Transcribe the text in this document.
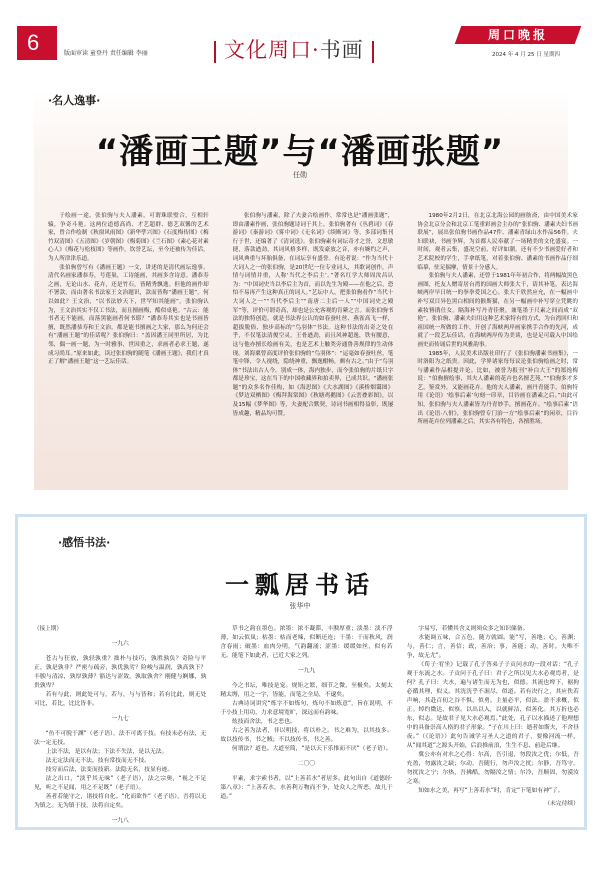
6	版面审读 童登丹 责任编辑 李丽	文化周口·书画
周口晚报
2024 年 4 月 25 日 星期四
·名人逸事·
“潘画王题”与“潘画张题”
任勋

于绘画一途，张伯驹与夫人潘素，可谓珠联璧合，互相轩辕，争奇斗艳。这两位道德高尚、才艺超群、德艺双馨的艺术家，曾合作绘制《秋窗风雨图》《新华孳兴图》《石度梅传图》《梅竹双清图》《五清图》《岁朝图》《梅菊图》《兰石图》《素心花对素心人》《梅花与松枝图》等画作，饮誉艺坛，至今还被传为佳话，为人所津津乐道。

张伯驹曾写有《潘画王题》一文，讲述的是清代画坛逸事。清代名画家潘恭寿，号莲巢，工诗能画，其画多含诗意。潘恭寿之画，无论山水、花卉，还是竹石，皆精秀飘逸。但他的画作却不署款，而由著名书法家王文治题识，款而皆称“潘画王题”。何以如此？王文治，“以书法妙天下，世罕知其能画”。张伯驹认为，王文治其实不仅工书法，而且擅画梅，酷似桌艳。“古云：能书者无不能画，而落黑能画者何书耶？”潘恭寿其实也是书画皆擅，既然潘恭寿和王文治，都是能书擅画之大家，那么为何还会有“潘画王题”的佳话呢？张伯驹曰：“盖因潘王同里所居，为比邻，偶一画一题，为一时雅事，世因重之，求画者必求王题，遂成习尚耳。”原来如此，读过张伯驹的随笔《潘画王题》，我们才真正了解“潘画王题”这一艺坛佳话。

张伯驹与潘素，除了夫妻合绘画作，常常也是“潘画张题”，即由潘素作画，张伯驹题诗词于其上。张伯驹著有《丛碧词》《春游词》《秦游词》《雾中词》《无名词》《续断词》等，多部词集刊行于世，还编著了《清词选》。张伯驹素有词坛奇才之誉，文思敏捷，落款遒劲，其词风格多样，既发豪放之音，亦有婉约之声，词风典重与坏胎俱备，在词坛享有盛誉。有论者说：“作为当代十大词人之一的张伯驹，是20世纪一位专业词人，其歌词创作，声情与词情并重，人称‘当代之李后主’。”著名红学大师周汝昌认为：“中国词史当以李后主为首，而以先生为殿——在他之后，恐怕不易再产生这种真正的词人。”艺坛中人，把张伯驹看作“当代十大词人之一”“当代李后主”“南唐二主后一人”“中国词史之殿军”等，评价可谓奇高，却也是公允客观的肯綮之言。而张伯驹书法的独特创造，就是书法界公认的如春蚕吐丝、燕雀高飞一样，超拔脱俗、独步高标的“鸟羽体”书法。这种书法的出奇之处在乎，不仅笔法清俊空灵，王骨遒劲，而且风神超逸，铁有腰意，这与他亦擅长绘画有关，也是艺术上触类旁通鲁善规律的生动体现。刘海粟曾高度评价张伯驹的“鸟羽体”：“运毫如春蚕吐丝，笔笔中锋，令人视绕，隐绕神重，飘逸酣畅，颇有古之。”由于“鸟羽体”书法出古人今，别成一体，海内独步，而今张伯驹的片纸只字都是珍宝，这在当下的中国收藏界和拍卖界，已成共识。“潘画张题”的众多名作佳构，如《海思图》《大水湖图》《溪桥烟霭图》《梦边双栖图》《梅拜海棠图》《秋塘鸡鹅图》《云峦叠彩图》，以及15幅《梦华图》等，夫妻配合默契，诗词书画相得益彰，既屡皆成趣，精品均可赞。

1980年2月2日，在北京北海公园的画舫斋，由中国美术家协会北京分会和北京工笔重彩画会主办的“张伯驹、潘素夫妇书画联展”，展出张伯驹书画作品47件、潘素青绿山水作品56件。夫妇联袂，书画争辉，为首都人民奉献了一场精美的文化盛宴。一时间，观者云集，盛况空前，好评如潮。还有不少书画爱好者和艺术院校的学生，手拿纸笔，对着张伯驹、潘素的书画作品仔细临摹，驻足揣摩，情景十分感人。

张伯驹与夫人潘素，还曾于1981年年初合作，将两幅故黑色画图，托友人赠寄居台湾的国画大师张大千，请其补笔，表达海峡两岸早日统一的拳拳爱国之心。张大千欣然应允，在一幅画中补写双目异色黑白相间的猴斯猫，在另一幅画中补写穿立凭眺的素妆簪鹃仕女。隔海补写丹青佳聚，兼笔墨于尺素之间而成“双艳”。张伯驹、潘素夫妇用这种艺术家特有的方式，为台湾回归和祖国统一所做的工作，开创了海峡两岸画家携手合作的先河，成就了一段艺坛佳话，在海峡两岸传为美谈，也是足可载入中国绘画史而传诵后世的风雅韵事。

1985年，人民美术出版社印行了《张伯驹潘素书画集》，一时洛阳为之纸贵。因此，学界诸家每每议论张伯驹绘画之时，常与潘素作品相提并论。比如，被誉为报刊“补白大王”的郑逸梅说：“伯驹擅绘事，其夫人潘素的花卉也名擅艺苑。”“伯驹多才多艺，鉴赏外，又能画花卉。他的夫人潘素，画丹青能手，伯驹特用《论语》‘绘事后素’句刻一印章，目钤画在潘素之后。”由此可知，张伯驹与夫人潘素皆为丹青妙手，擅画花卉。“绘事后素”语出《论语·八佾》，张伯驹曾专门治一方“绘事后素”的闲章，目钤所画花卉位列潘素之后，其实各有特色，各擅胜场。

·感悟书法·
一瓢居书话
张华中

（接上期）

一九六

苍古与狂放，孰轻孰重？拙朴与技巧，孰胜孰负？奇险与平正，孰是孰非？严密与疏旁，孰优孰劣？险峻与温润，孰高孰下？丰腴与清凉，孰厚孰薄？豁达与涩敛，孰取孰舍？刚健与婀娜，孰贵孰卑？

若有与此，则此处可与，若与，与与皆和；若有比此，则无处可比，若比，比比皆非。

一九七

“鱼不可脱于渊”（老子语），法不可离于技。有技未必有法，无法一定无技。

上法不法，是以有法；下法不失法，是以无法。

法无定法而无不法，技有常技而无不技。

技穷而后法，法变而技新。法隐无名，技显有迹。

法之出口，“淡乎其无味”（老子语），法之宗奥，“视之不足见，听之不足闻，用之不足既”（老子语）。

善者若能守之，诸技将自化。“化而欲作”（老子语），吾将以无为镇之。无为镇于技，法将自定矣。

一九八

草书之韵在墨色。浓墨：浓不凝滞，丰腴厚重；淡墨：淡不浮薄，如云似岚；枯墨：枯而老辣，似断还连；干墨：干而秋风，润含春雨；破墨：血肉分明，气韵翻涌；涩墨：缓缓如丝，似有若无。能笔下如此者，已近大家之列。

一九九

今之书坛，唯技是宠。规矩之繁，细节之微，至极矣。太刻太精太缛，用之一字，皆能，而笔之全局，不逮矣。

古典诗词讲究“炼字不如炼句，炼句不如炼意”，旨在说明，不于小技上用功，力求意境宽旷，深远而有韵味。

炫技而舍法，书之恶也。

古之善为法者，非以明技，将以朴之。书之难为，以其技多。故以技传书，书之贼；不以技传书，书之善。

何谓法？道也。大道至简，“是以天下乐推而不厌”（老子语）。

二〇〇

平素，求字索书者，以“上善若水”者居多。此句出自《道德经·第八章》：“上善若水，水善利万物而不争，处众人之所恶，故几于道。”

字易写，若懂其含义则须众多之知识储备。

水能调五味，合五色，随方就圆。能“写，善地；心，善渊；与，善仁；言，善信；政，善治；事，善能；动，善时。夫唯不争，故无尤”。

《荀子·宥坐》记载了孔子答弟子子贡问水的一段对话：“孔子观于东流之水。子贡问于孔子曰：君子之所以见大水必观焉者，是何？孔子曰：夫水，遍与诸生而无为也，似德。其流也埤下，裾拘必循其理，似义。其洸洸乎不淈尽，似道。若有决行之，其应佚若声响，其赴百仞之谷不惧，似勇。主量必平，似法。盈不求概，似正。绰约微达，似察。以出以入，以就鲜洁，似善化。其万折也必东，似志。是故君子见大水必观焉。”此处，孔子以水描述了他理想中的具备崇高人格的君子形象。“子在川上曰：逝者如斯夫，不舍昼夜。”（《论语》）此句告诫学习圣人之道的君子，要像河流一样，从“闻其道”之源头开始，后浪推前浪，生生不息、前赴后继。

冀公亦有对水之心得：尔高，吾引退，勿段汝之优；尔低，吾充盈，勿露汝之缺；尔动，吾随行，勿声汝之扰；尔静，吾笃守，勿扰汝之宁；尔热，吾拂酷，勿隔汝之情；尔冷，吾顺固，勿漠汝之寒。

知如水之美，再写“上善若水”时，肯定“下笔如有神”了。

（未完待续）
